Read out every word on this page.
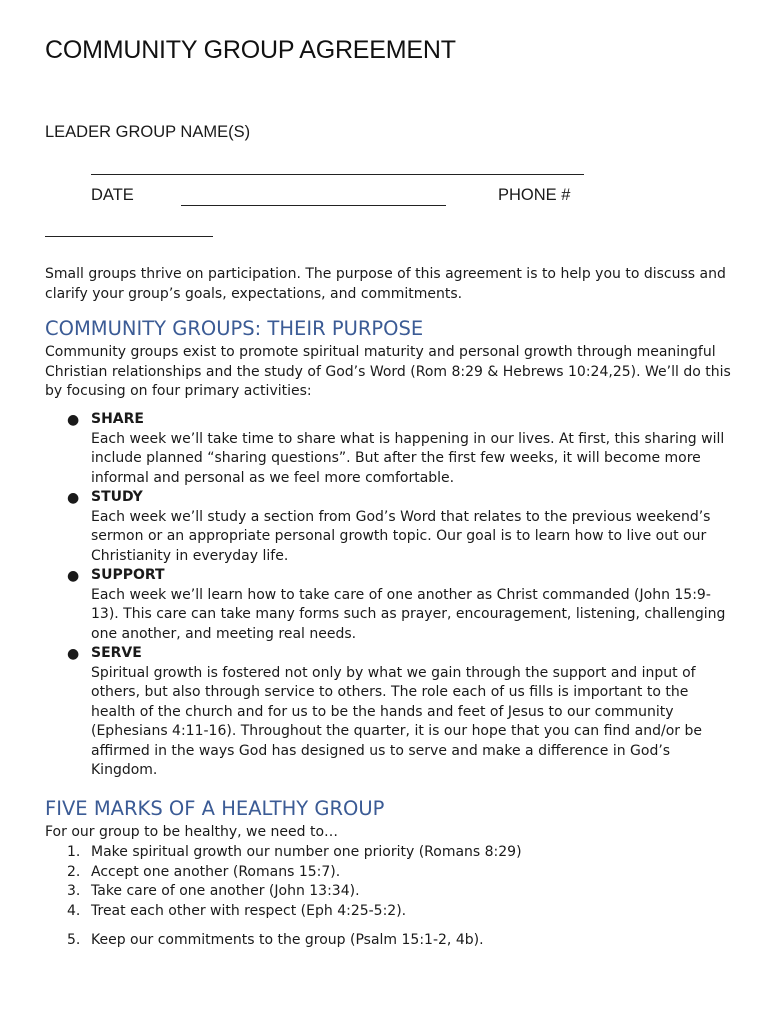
COMMUNITY GROUP AGREEMENT
LEADER GROUP NAME(S)
DATE	PHONE #
Small groups thrive on participation. The purpose of this agreement is to help you to discuss and clarify your group’s goals, expectations, and commitments.
COMMUNITY GROUPS: THEIR PURPOSE
Community groups exist to promote spiritual maturity and personal growth through meaningful Christian relationships and the study of God’s Word (Rom 8:29 & Hebrews 10:24,25). We’ll do this by focusing on four primary activities:
● SHARE
Each week we’ll take time to share what is happening in our lives. At first, this sharing will include planned “sharing questions”. But after the first few weeks, it will become more informal and personal as we feel more comfortable.
● STUDY
Each week we’ll study a section from God’s Word that relates to the previous weekend’s sermon or an appropriate personal growth topic. Our goal is to learn how to live out our Christianity in everyday life.
● SUPPORT
Each week we’ll learn how to take care of one another as Christ commanded (John 15:9-13). This care can take many forms such as prayer, encouragement, listening, challenging one another, and meeting real needs.
● SERVE
Spiritual growth is fostered not only by what we gain through the support and input of others, but also through service to others. The role each of us fills is important to the health of the church and for us to be the hands and feet of Jesus to our community (Ephesians 4:11-16). Throughout the quarter, it is our hope that you can find and/or be affirmed in the ways God has designed us to serve and make a difference in God’s Kingdom.
FIVE MARKS OF A HEALTHY GROUP
For our group to be healthy, we need to…
1. Make spiritual growth our number one priority (Romans 8:29)
2. Accept one another (Romans 15:7).
3. Take care of one another (John 13:34).
4. Treat each other with respect (Eph 4:25-5:2).
5. Keep our commitments to the group (Psalm 15:1-2, 4b).
